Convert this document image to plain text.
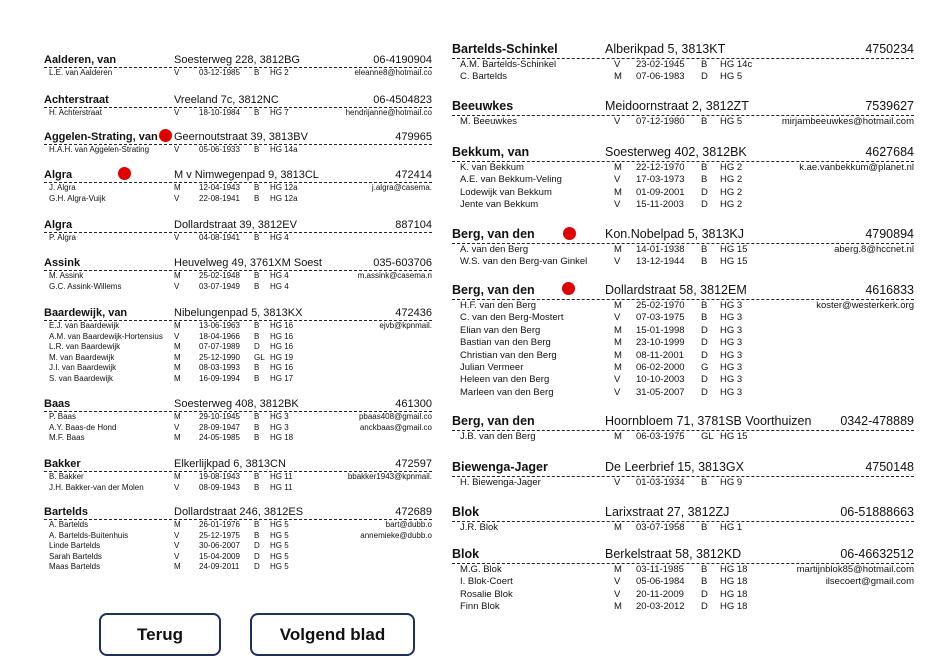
Aalderen, van	Soesterweg 228, 3812BG	06-4190904
L.E. van Aalderen	V 03-12-1985 B HG 2	eleanne8@hotmail.co
Achterstraat	Vreeland 7c, 3812NC	06-4504823
H. Achterstraat	V 18-10-1984 B HG 7	hendrijanne@hotmail.co
Aggelen-Strating, van Geernoutstraat 39, 3813BV	479965
H.A.H. van Aggelen-Strating	V 05-06-1933 B HG 14a
Algra	M v Nimwegenpad 9, 3813CL	472414
J. Algra	M 12-04-1943 B HG 12a	j.algra@casema.
G.H. Algra-Vuijk	V 22-08-1941 B HG 12a
Algra	Dollardstraat 39, 3812EV	887104
P. Algra	V 04-08-1941 B HG 4
Assink	Heuvelweg 49, 3761XM Soest	035-603706
M. Assink	M 25-02-1948 B HG 4	m.assink@casema.n
G.C. Assink-Willems	V 03-07-1949 B HG 4
Baardewijk, van	Nibelungenpad 5, 3813KX	472436
E.J. van Baardewijk	M 13-06-1963 B HG 16	ejvb@kpnmail.
A.M. van Baardewijk-Hortensius V 18-04-1966 B HG 16
L.R. van Baardewijk	M 07-07-1989 D HG 16
M. van Baardewijk	M 25-12-1990 GL HG 19
J.I. van Baardewijk	M 08-03-1993 B HG 16
S. van Baardewijk	M 16-09-1994 B HG 17
Baas	Soesterweg 408, 3812BK	461300
P. Baas	M 29-10-1945 B HG 3	pbaas408@gmail.co
A.Y. Baas-de Hond	V 28-09-1947 B HG 3	anckbaas@gmail.co
M.F. Baas	M 24-05-1985 B HG 18
Bakker	Elkerlijkpad 6, 3813CN	472597
B. Bakker	M 19-08-1943 B HG 11	bbakker1943@kpnmail.
J.H. Bakker-van der Molen	V 08-09-1943 B HG 11
Bartelds	Dollardstraat 246, 3812ES	472689
A. Bartelds	M 26-01-1976 B HG 5	bart@dubb.o
A. Bartelds-Buitenhuis	V 25-12-1975 B HG 5	annemieke@dubb.o
Linde Bartelds	V 30-06-2007 D HG 5
Sarah Bartelds	V 15-04-2009 D HG 5
Maas Bartelds	M 24-09-2011 D HG 5
Bartelds-Schinkel	Alberikpad 5, 3813KT	4750234
A.M. Bartelds-Schinkel	V 23-02-1945 B HG 14c
C. Bartelds	M 07-06-1983 D HG 5
Beeuwkes	Meidoornstraat 2, 3812ZT	7539627
M. Beeuwkes	V 07-12-1980 B HG 5	mirjambeeuwkes@hotmail.com
Bekkum, van	Soesterweg 402, 3812BK	4627684
K. van Bekkum	M 22-12-1970 B HG 2	k.ae.vanbekkum@planet.nl
A.E. van Bekkum-Veling	V 17-03-1973 B HG 2
Lodewijk van Bekkum	M 01-09-2001 D HG 2
Jente van Bekkum	V 15-11-2003 D HG 2
Berg, van den	Kon.Nobelpad 5, 3813KJ	4790894
A. van den Berg	M 14-01-1938 B HG 15	aberg.8@hccnet.nl
W.S. van den Berg-van Ginkel	V 13-12-1944 B HG 15
Berg, van den	Dollardstraat 58, 3812EM	4616833
H.F. van den Berg	M 25-02-1970 B HG 3	koster@westerkerk.org
C. van den Berg-Mostert	V 07-03-1975 B HG 3
Elian van den Berg	M 15-01-1998 D HG 3
Bastian van den Berg	M 23-10-1999 D HG 3
Christian van den Berg	M 08-11-2001 D HG 3
Julian Vermeer	M 06-02-2000 G HG 3
Heleen van den Berg	V 10-10-2003 D HG 3
Marleen van den Berg	V 31-05-2007 D HG 3
Berg, van den	Hoornbloem 71, 3781SB Voorthuizen 0342-478889
J.B. van den Berg	M 06-03-1975 GL HG 15
Biewenga-Jager	De Leerbrief 15, 3813GX	4750148
H. Biewenga-Jager	V 01-03-1934 B HG 9
Blok	Larixstraat 27, 3812ZJ	06-51888663
J.R. Blok	M 03-07-1958 B HG 1
Blok	Berkelstraat 58, 3812KD	06-46632512
M.G. Blok	M 03-11-1985 B HG 18	martijnblok85@hotmail.com
I. Blok-Coert	V 05-06-1984 B HG 18	ilsecoert@gmail.com
Rosalie Blok	V 20-11-2009 D HG 18
Finn Blok	M 20-03-2012 D HG 18
Terug	Volgend blad
